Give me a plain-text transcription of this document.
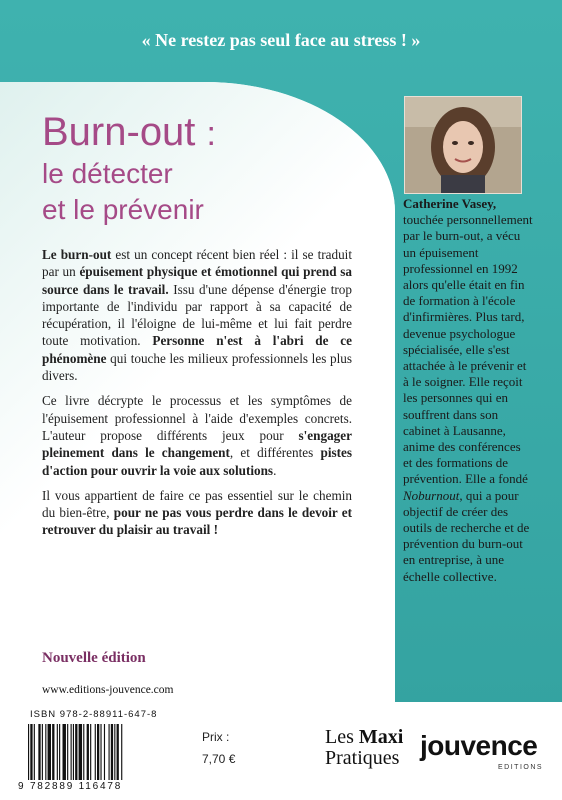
« Ne restez pas seul face au stress ! »
Burn-out :
le détecter
et le prévenir

Le burn-out est un concept récent bien réel : il se traduit par un épuisement physique et émotionnel qui prend sa source dans le travail. Issu d'une dépense d'énergie trop importante de l'individu par rapport à sa capacité de récupération, il l'éloigne de lui-même et lui fait perdre toute motivation. Personne n'est à l'abri de ce phénomène qui touche les milieux professionnels les plus divers.

Ce livre décrypte le processus et les symptômes de l'épuisement professionnel à l'aide d'exemples concrets. L'auteur propose différents jeux pour s'engager pleinement dans le changement, et différentes pistes d'action pour ouvrir la voie aux solutions.

Il vous appartient de faire ce pas essentiel sur le chemin du bien-être, pour ne pas vous perdre dans le devoir et retrouver du plaisir au travail !

Nouvelle édition
www.editions-jouvence.com
Catherine Vasey, touchée personnellement par le burn-out, a vécu un épuisement professionnel en 1992 alors qu'elle était en fin de formation à l'école d'infirmières. Plus tard, devenue psychologue spécialisée, elle s'est attachée à le prévenir et à le soigner. Elle reçoit les personnes qui en souffrent dans son cabinet à Lausanne, anime des conférences et des formations de prévention. Elle a fondé Noburnout, qui a pour objectif de créer des outils de recherche et de prévention du burn-out en entreprise, à une échelle collective.
ISBN 978-2-88911-647-8
9 782889 116478
Prix :
7,70 €
Les Maxi
Pratiques jouvence
EDITIONS
